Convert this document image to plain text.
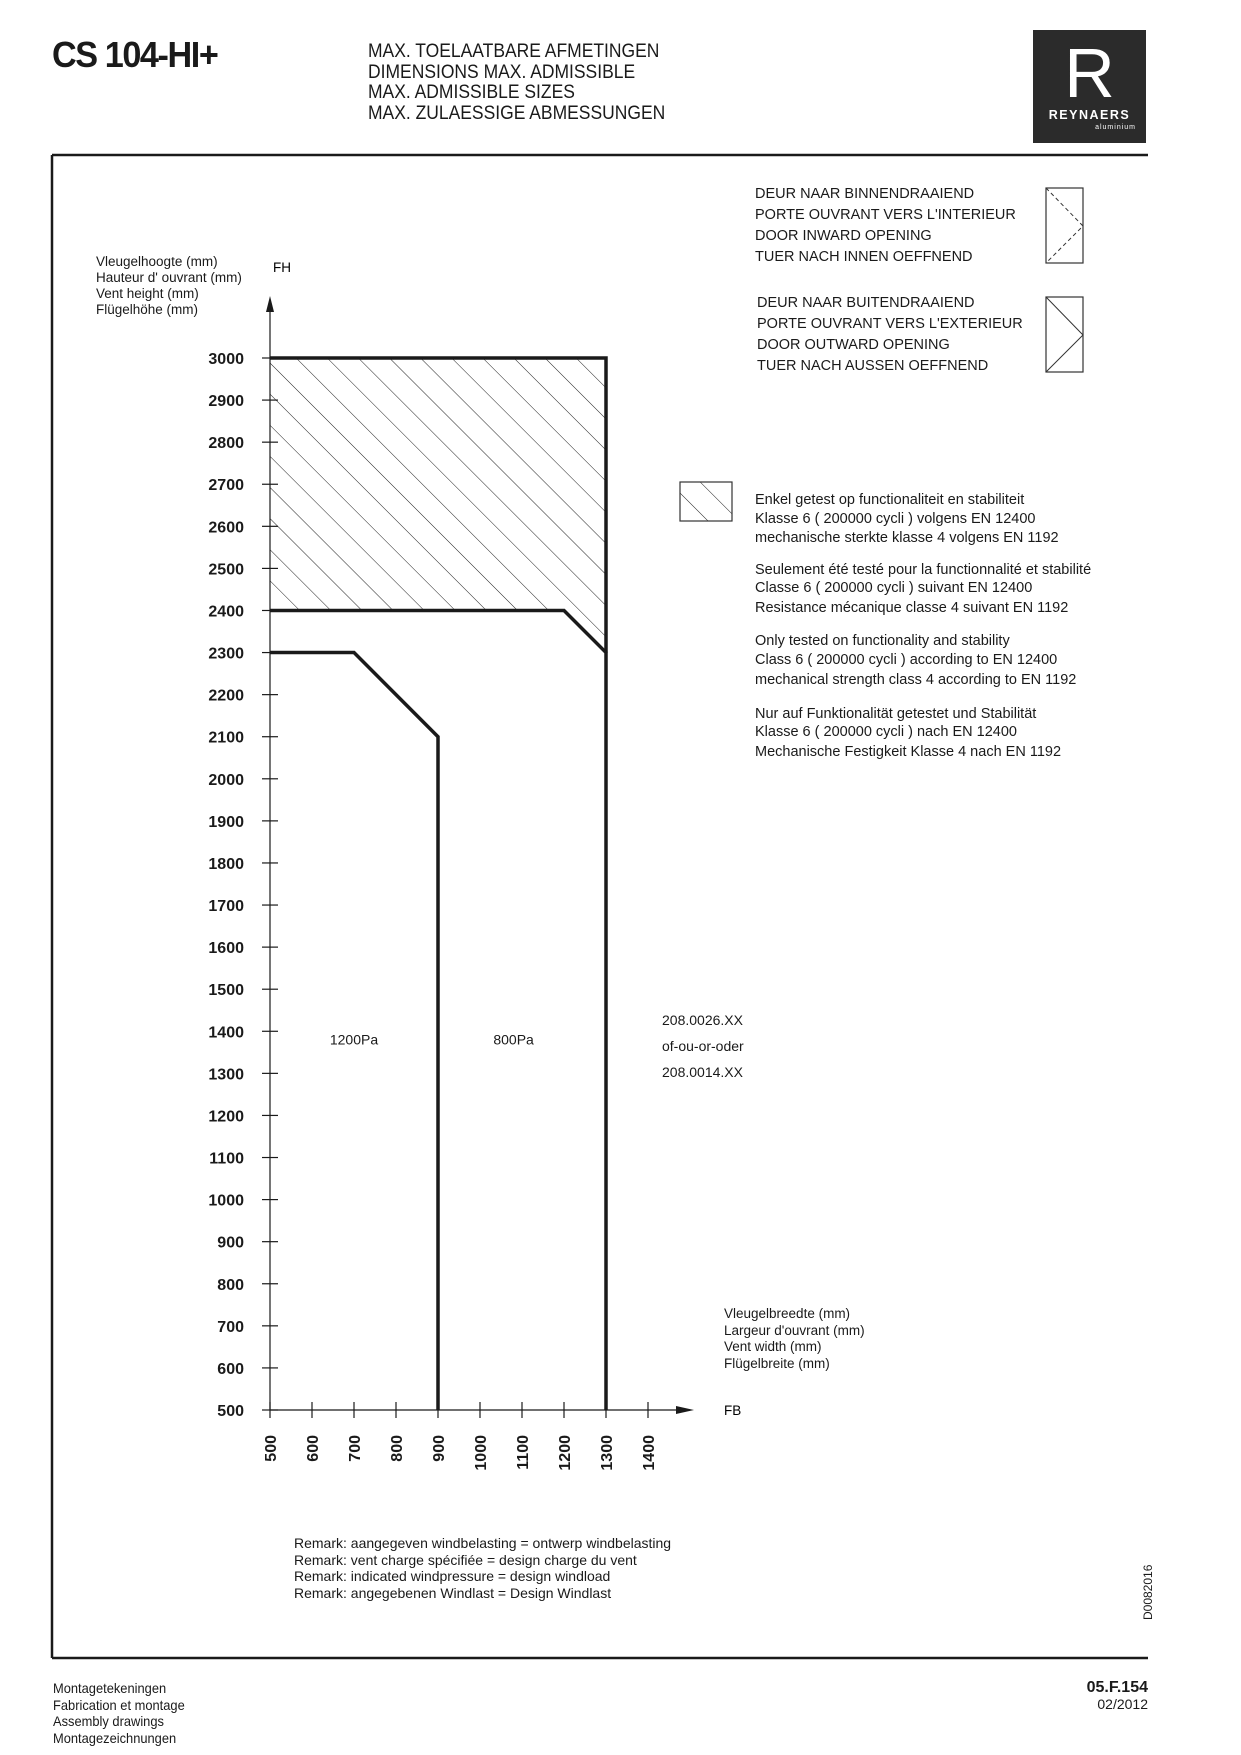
CS 104-HI+	MAX. TOELAATBARE AFMETINGEN
DIMENSIONS MAX. ADMISSIBLE
MAX. ADMISSIBLE SIZES
MAX. ZULAESSIGE ABMESSUNGEN
R
REYNAERS
aluminium
DEUR NAAR BINNENDRAAIEND
PORTE OUVRANT VERS L'INTERIEUR
DOOR INWARD OPENING
TUER NACH INNEN OEFFNEND
DEUR NAAR BUITENDRAAIEND
PORTE OUVRANT VERS L'EXTERIEUR
DOOR OUTWARD OPENING
TUER NACH AUSSEN OEFFNEND
Enkel getest op functionaliteit en stabiliteit
Klasse 6 ( 200000 cycli ) volgens EN 12400
mechanische sterkte klasse 4 volgens EN 1192
Seulement été testé pour la functionnalité et stabilité
Classe 6 ( 200000 cycli ) suivant EN 12400
Resistance mécanique classe 4 suivant EN 1192
Only tested on functionality and stability
Class 6 ( 200000 cycli ) according to EN 12400
mechanical strength class 4 according to EN 1192
Nur auf Funktionalität getestet und Stabilität
Klasse 6 ( 200000 cycli ) nach EN 12400
Mechanische Festigkeit Klasse 4 nach EN 1192
Vleugelhoogte (mm)
Hauteur d' ouvrant (mm)
Vent height (mm)
Flügelhöhe (mm)
FH
Vleugelbreedte (mm)
Largeur d'ouvrant (mm)
Vent width (mm)
Flügelbreite (mm)
FB
208.0026.XX
of-ou-or-oder
208.0014.XX
Remark: aangegeven windbelasting = ontwerp windbelasting
Remark: vent charge spécifiée = design charge du vent
Remark: indicated windpressure = design windload
Remark: angegebenen Windlast = Design Windlast
500
600
700
800
900
1000
1100
1200
1300
1400
1500
1600
1700
1800
1900
2000
2100
2200
2300
2400
2500
2600
2700
2800
2900
3000
500 600 700 800 900 1000 1100 1200 1300 1400
1200Pa	800Pa
Montagetekeningen
Fabrication et montage
Assembly drawings
Montagezeichnungen
05.F.154
02/2012
D0082016
